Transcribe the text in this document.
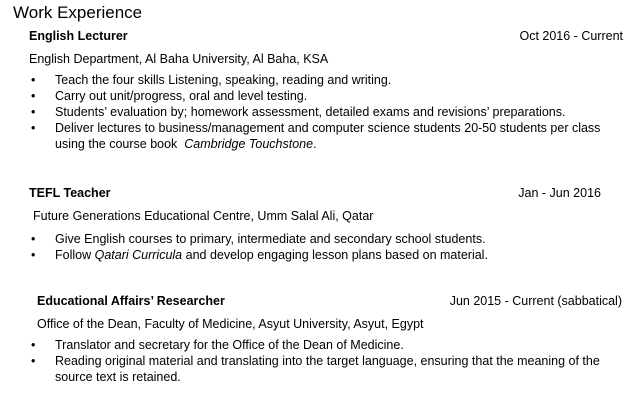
Work Experience
English Lecturer	Oct 2016 - Current
English Department, Al Baha University, Al Baha, KSA
• Teach the four skills Listening, speaking, reading and writing.
• Carry out unit/progress, oral and level testing.
• Students’ evaluation by; homework assessment, detailed exams and revisions’ preparations.
• Deliver lectures to business/management and computer science students 20-50 students per class using the course book Cambridge Touchstone.
TEFL Teacher	Jan - Jun 2016
Future Generations Educational Centre, Umm Salal Ali, Qatar
• Give English courses to primary, intermediate and secondary school students.
• Follow Qatari Curricula and develop engaging lesson plans based on material.
Educational Affairs’ Researcher	Jun 2015 - Current (sabbatical)
Office of the Dean, Faculty of Medicine, Asyut University, Asyut, Egypt
• Translator and secretary for the Office of the Dean of Medicine.
• Reading original material and translating into the target language, ensuring that the meaning of the source text is retained.
